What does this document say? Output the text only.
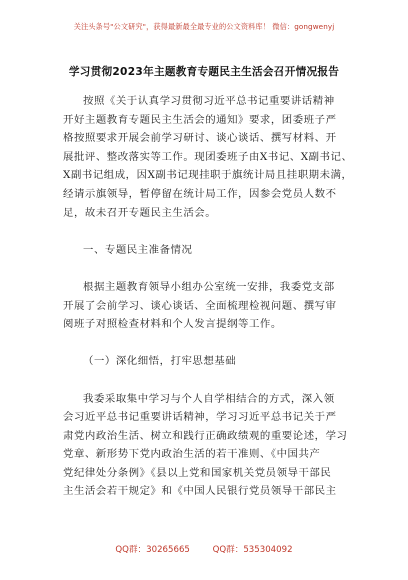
关注头条号"公文研究"，获得最新最全最专业的公文资料库！ 微信：gongwenyj
学习贯彻2023年主题教育专题民主生活会召开情况报告
按照《关于认真学习贯彻习近平总书记重要讲话精神
开好主题教育专题民主生活会的通知》要求，团委班子严
格按照要求开展会前学习研讨、谈心谈话、撰写材料、开
展批评、整改落实等工作。现团委班子由X书记、X副书记、
X副书记组成，因X副书记现挂职于旗统计局且挂职期未满，
经请示旗领导，暂停留在统计局工作，因参会党员人数不
足，故未召开专题民主生活会。
一、专题民主准备情况
根据主题教育领导小组办公室统一安排，我委党支部
开展了会前学习、谈心谈话、全面梳理检视问题、撰写审
阅班子对照检查材料和个人发言提纲等工作。
（一）深化细悟，打牢思想基础
我委采取集中学习与个人自学相结合的方式，深入领
会习近平总书记重要讲话精神，学习习近平总书记关于严
肃党内政治生活、树立和践行正确政绩观的重要论述，学习
党章、新形势下党内政治生活的若干准则、《中国共产
党纪律处分条例》《县以上党和国家机关党员领导干部民
主生活会若干规定》和《中国人民银行党员领导干部民主
QQ群：30265665	QQ群：535304092
